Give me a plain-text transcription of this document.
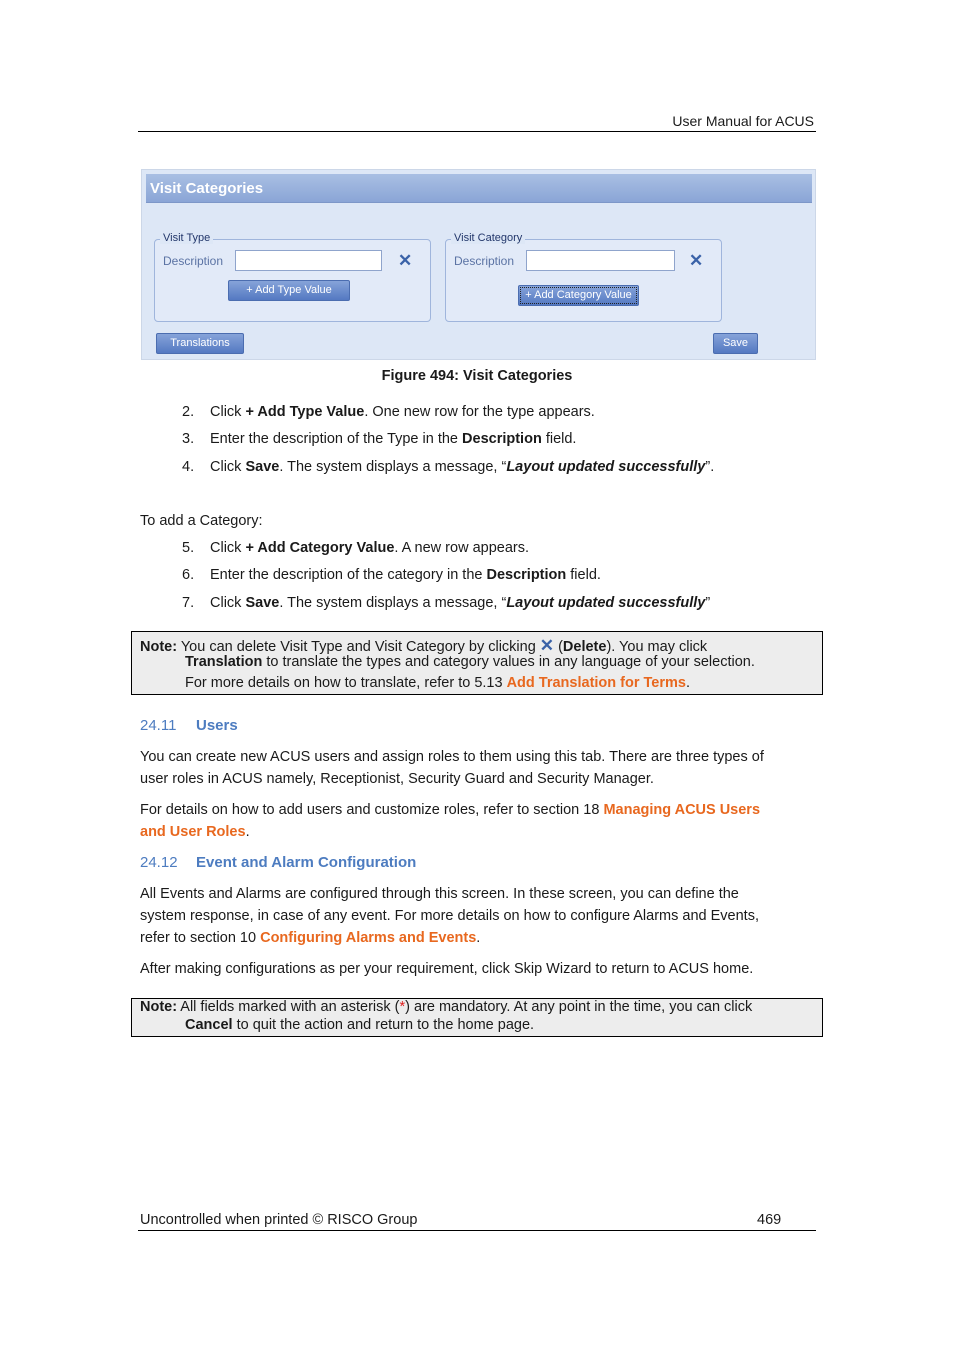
User Manual for ACUS
Visit Categories
Visit Type
Description	✕
+ Add Type Value
Visit Category
Description	✕
+ Add Category Value
Translations	Save
Figure 494: Visit Categories
2. Click + Add Type Value. One new row for the type appears.
3. Enter the description of the Type in the Description field.
4. Click Save. The system displays a message, “Layout updated successfully”.
To add a Category:
5. Click + Add Category Value. A new row appears.
6. Enter the description of the category in the Description field.
7. Click Save. The system displays a message, “Layout updated successfully”
Note: You can delete Visit Type and Visit Category by clicking ✕ (Delete). You may click
Translation to translate the types and category values in any language of your selection.
For more details on how to translate, refer to 5.13 Add Translation for Terms.
24.11 Users
You can create new ACUS users and assign roles to them using this tab. There are three types of
user roles in ACUS namely, Receptionist, Security Guard and Security Manager.
For details on how to add users and customize roles, refer to section 18 Managing ACUS Users
and User Roles.
24.12 Event and Alarm Configuration
All Events and Alarms are configured through this screen. In these screen, you can define the
system response, in case of any event. For more details on how to configure Alarms and Events,
refer to section 10 Configuring Alarms and Events.
After making configurations as per your requirement, click Skip Wizard to return to ACUS home.
Note: All fields marked with an asterisk (*) are mandatory. At any point in the time, you can click
Cancel to quit the action and return to the home page.
Uncontrolled when printed © RISCO Group	469
